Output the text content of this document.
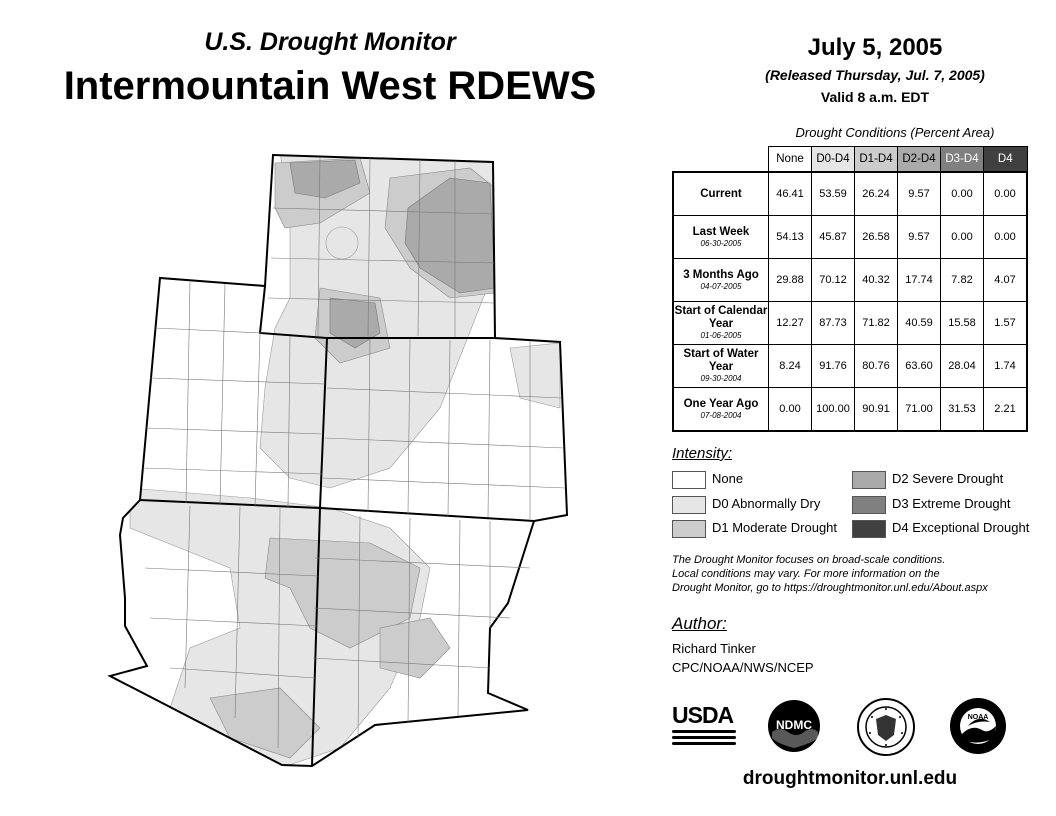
U.S. Drought Monitor
Intermountain West RDEWS
July 5, 2005
(Released Thursday, Jul. 7, 2005)
Valid 8 a.m. EDT
Drought Conditions (Percent Area)
	None	D0-D4	D1-D4	D2-D4	D3-D4	D4
Current	46.41	53.59	26.24	9.57	0.00	0.00
Last Week
06-30-2005	54.13	45.87	26.58	9.57	0.00	0.00
3 Months Ago
04-07-2005	29.88	70.12	40.32	17.74	7.82	4.07
Start of Calendar Year
01-06-2005	12.27	87.73	71.82	40.59	15.58	1.57
Start of Water Year
09-30-2004	8.24	91.76	80.76	63.60	28.04	1.74
One Year Ago
07-08-2004	0.00	100.00	90.91	71.00	31.53	2.21
Intensity:
None
D0 Abnormally Dry
D1 Moderate Drought
D2 Severe Drought
D3 Extreme Drought
D4 Exceptional Drought
The Drought Monitor focuses on broad-scale conditions.
Local conditions may vary. For more information on the
Drought Monitor, go to https://droughtmonitor.unl.edu/About.aspx
Author:
Richard Tinker
CPC/NOAA/NWS/NCEP
USDA	NDMC
NOAA
droughtmonitor.unl.edu
